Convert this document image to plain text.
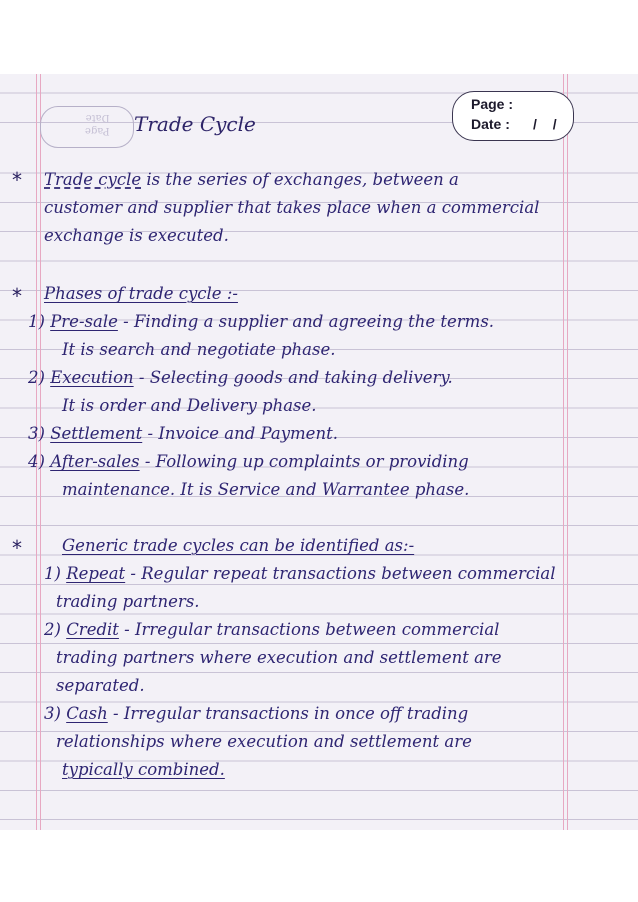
Page
Date Trade Cycle
Page :
Date : / /
* Trade cycle is the series of exchanges, between a
customer and supplier that takes place when a commercial
exchange is executed.
* Phases of trade cycle :-
1) Pre-sale - Finding a supplier and agreeing the terms.
It is search and negotiate phase.
2) Execution - Selecting goods and taking delivery.
It is order and Delivery phase.
3) Settlement - Invoice and Payment.
4) After-sales - Following up complaints or providing
maintenance. It is Service and Warrantee phase.
* Generic trade cycles can be identified as:-
1) Repeat - Regular repeat transactions between commercial
trading partners.
2) Credit - Irregular transactions between commercial
trading partners where execution and settlement are
separated.
3) Cash - Irregular transactions in once off trading
relationships where execution and settlement are
typically combined.
